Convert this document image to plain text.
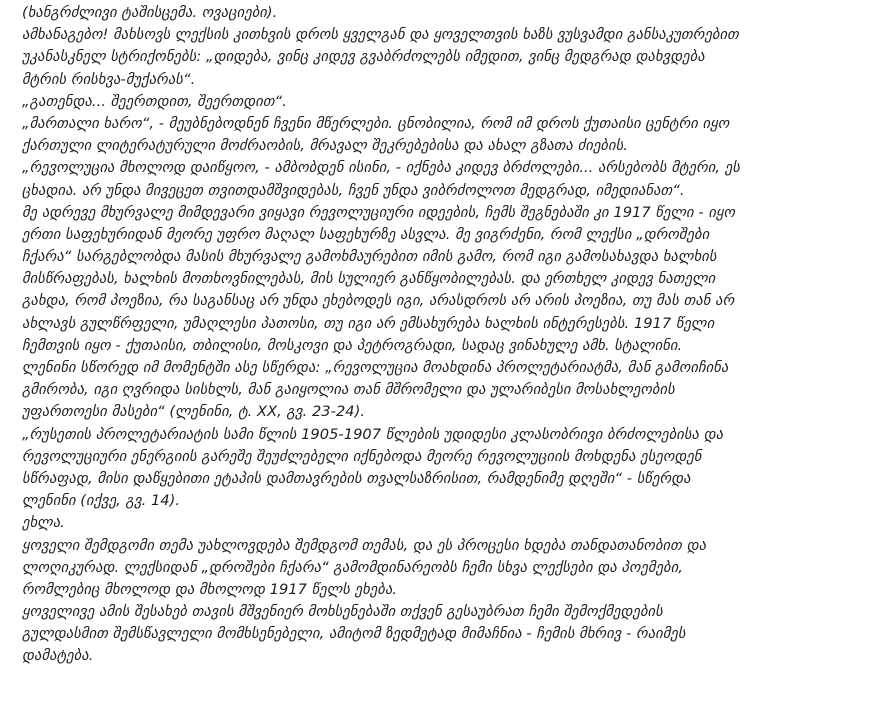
(ხანგრძლივი ტაშისცემა. ოვაციები).
ამხანაგებო! მახსოვს ლექსის კითხვის დროს ყველგან და ყოველთვის ხაზს ვუსვამდი განსაკუთრებით
უკანასკნელ სტრიქონებს: „დიდება, ვინც კიდევ გვაბრძოლებს იმედით, ვინც მედგრად დახვდება
მტრის რისხვა-მუქარას“.
„გათენდა... შეერთდით, შეერთდით“.
„მართალი ხარო“, - მეუბნებოდნენ ჩვენი მწერლები. ცნობილია, რომ იმ დროს ქუთაისი ცენტრი იყო
ქართული ლიტერატურული მოძრაობის, მრავალ შეკრებებისა და ახალ გზათა ძიების.
„რევოლუცია მხოლოდ დაიწყოო, - ამბობდენ ისინი, - იქნება კიდევ ბრძოლები... არსებობს მტერი, ეს
ცხადია. არ უნდა მივეცეთ თვითდამშვიდებას, ჩვენ უნდა ვიბრძოლოთ მედგრად, იმედიანათ“.
მე ადრევე მხურვალე მიმდევარი ვიყავი რევოლუციური იდეების, ჩემს შეგნებაში კი 1917 წელი - იყო
ერთი საფეხურიდან მეორე უფრო მაღალ საფეხურზე ასვლა. მე ვიგრძენი, რომ ლექსი „დროშები
ჩქარა“ სარგებლობდა მასის მხურვალე გამოხმაურებით იმის გამო, რომ იგი გამოსახავდა ხალხის
მისწრაფებას, ხალხის მოთხოვნილებას, მის სულიერ განწყობილებას. და ერთხელ კიდევ ნათელი
გახდა, რომ პოეზია, რა საგანსაც არ უნდა ეხებოდეს იგი, არასდროს არ არის პოეზია, თუ მას თან არ
ახლავს გულწრფელი, უმაღლესი პათოსი, თუ იგი არ ემსახურება ხალხის ინტერესებს. 1917 წელი
ჩემთვის იყო - ქუთაისი, თბილისი, მოსკოვი და პეტროგრადი, სადაც ვინახულე ამხ. სტალინი.
ლენინი სწორედ იმ მომენტში ასე სწერდა: „რევოლუცია მოახდინა პროლეტარიატმა, მან გამოიჩინა
გმირობა, იგი ღვრიდა სისხლს, მან გაიყოლია თან მშრომელი და ულარიბესი მოსახლეობის
უფართოესი მასები“ (ლენინი, ტ. XX, გვ. 23-24).
„რუსეთის პროლეტარიატის სამი წლის 1905-1907 წლების უდიდესი კლასობრივი ბრძოლებისა და
რევოლუციური ენერგიის გარეშე შეუძლებელი იქნებოდა მეორე რევოლუციის მოხდენა ესეოდენ
სწრაფად, მისი დაწყებითი ეტაპის დამთავრების თვალსაზრისით, რამდენიმე დღეში“ - სწერდა
ლენინი (იქვე, გვ. 14).
ეხლა.
ყოველი შემდგომი თემა უახლოვდება შემდგომ თემას, და ეს პროცესი ხდება თანდათანობით და
ლოღიკურად. ლექსიდან „დროშები ჩქარა“ გამომდინარეობს ჩემი სხვა ლექსები და პოემები,
რომლებიც მხოლოდ და მხოლოდ 1917 წელს ეხება.
ყოველივე ამის შესახებ თავის მშვენიერ მოხსენებაში თქვენ გესაუბრათ ჩემი შემოქმედების
გულდასმით შემსწავლელი მომხსენებელი, ამიტომ ზედმეტად მიმაჩნია - ჩემის მხრივ - რაიმეს
დამატება.
